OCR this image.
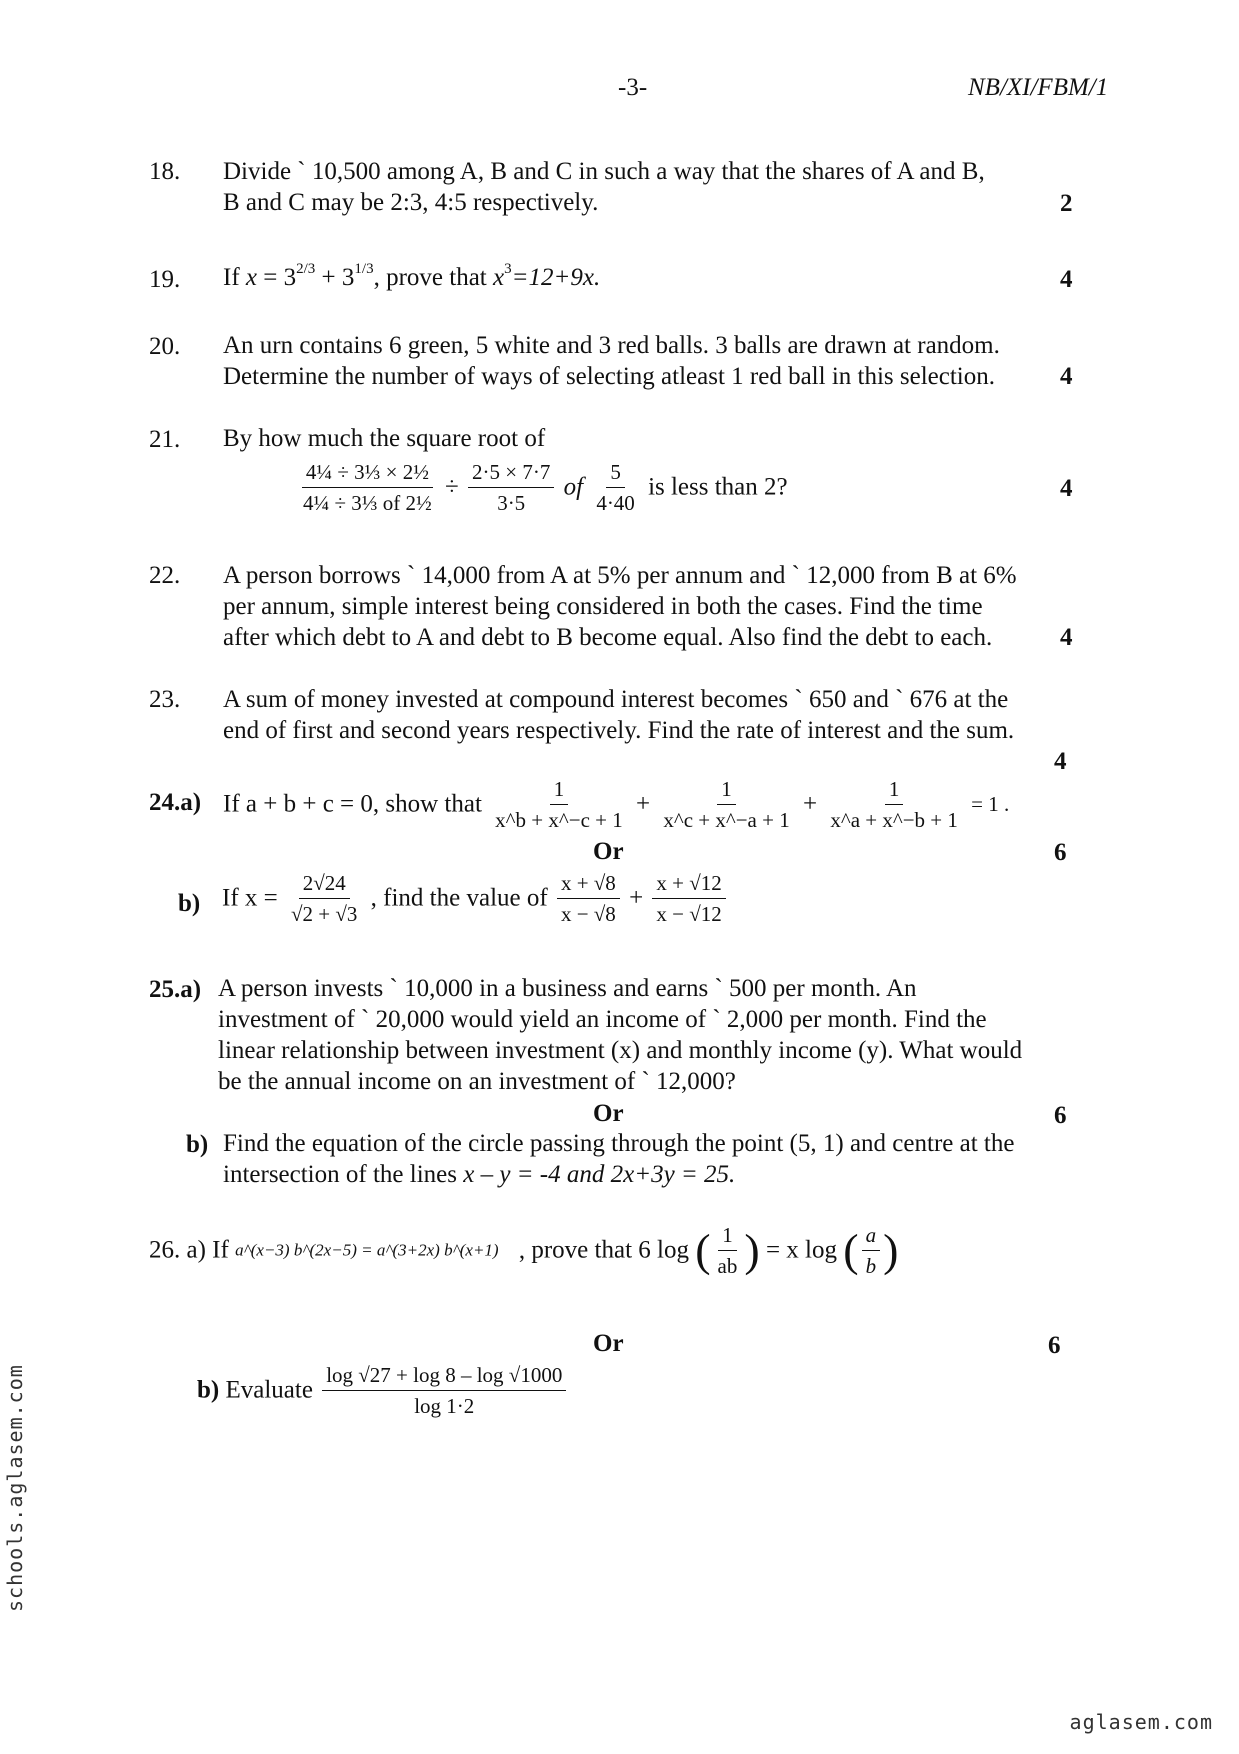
-3-	NB/XI/FBM/1
18. Divide ` 10,500 among A, B and C in such a way that the shares of A and B,
B and C may be 2:3, 4:5 respectively.	2
19. If $x = 3^{2/3} + 3^{1/3}$, prove that $x^3=12+9x$.	4
20. An urn contains 6 green, 5 white and 3 red balls. 3 balls are drawn at random.
Determine the number of ways of selecting atleast 1 red ball in this selection.	4
21. By how much the square root of
$\frac{\text{4¼ ÷ 3⅓ × 2½}}{\text{4¼ ÷ 3⅓ of 2½}} \div \frac{2\cdot 5 \times 7\cdot 7}{3\cdot 5}$ of $\frac{5}{4\cdot 40}$ is less than 2?	4
22. A person borrows ` 14,000 from A at 5% per annum and ` 12,000 from B at 6%
per annum, simple interest being considered in both the cases. Find the time
after which debt to A and debt to B become equal. Also find the debt to each.	4
23. A sum of money invested at compound interest becomes ` 650 and ` 676 at the
end of first and second years respectively. Find the rate of interest and the sum.
4
24.a) If a + b + c = 0, show that $\frac{1}{x\^{}b + x\^{}-c + 1} + \frac{1}{x\^{}c + x\^{}-a + 1} + \frac{1}{x\^{}a + x\^{}-b + 1} = 1$ .
Or	6
b) If $x = \frac{2√24}{√2 + √3}$ , find the value of $\frac{x + √8}{x - √8} + \frac{x + √12}{x - √12}$
25.a) A person invests ` 10,000 in a business and earns ` 500 per month. An
investment of ` 20,000 would yield an income of ` 2,000 per month. Find the
linear relationship between investment (x) and monthly income (y). What would
be the annual income on an investment of ` 12,000?
Or	6
b) Find the equation of the circle passing through the point (5, 1) and centre at the
intersection of the lines x – y = -4 and 2x+3y = 25.
26. a) If a^(x−3) b^(2x−5) = a^(3+2x) b^(x+1) , prove that 6 log ( $\frac{1}{ab}$ ) = x log ( $\frac{a}{b}$ )
Or	6
b) Evaluate $\frac{\log √27 + \log 8 - \log √1000}{\log 1\cdot 2}$
schools.aglasem.com
aglasem.com
